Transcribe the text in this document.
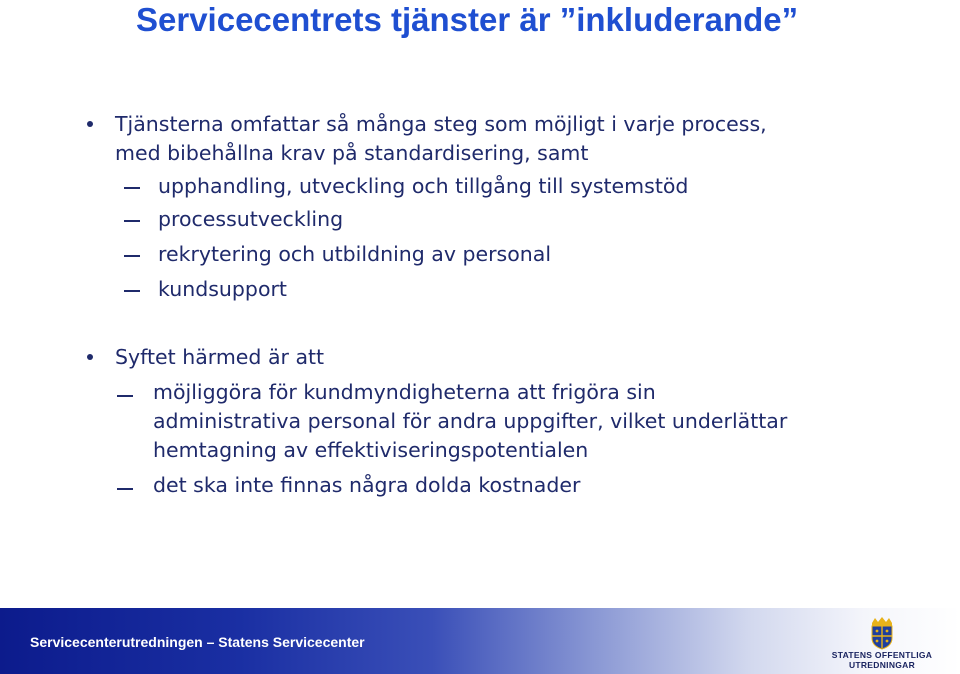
Servicecentrets tjänster är ”inkluderande”
Tjänsterna omfattar så många steg som möjligt i varje process,
med bibehållna krav på standardisering, samt
upphandling, utveckling och tillgång till systemstöd
processutveckling
rekrytering och utbildning av personal
kundsupport
Syftet härmed är att
möjliggöra för kundmyndigheterna att frigöra sin
administrativa personal för andra uppgifter, vilket underlättar
hemtagning av effektiviseringspotentialen
det ska inte finnas några dolda kostnader
Servicecenterutredningen – Statens Servicecenter
STATENS OFFENTLIGA
UTREDNINGAR
